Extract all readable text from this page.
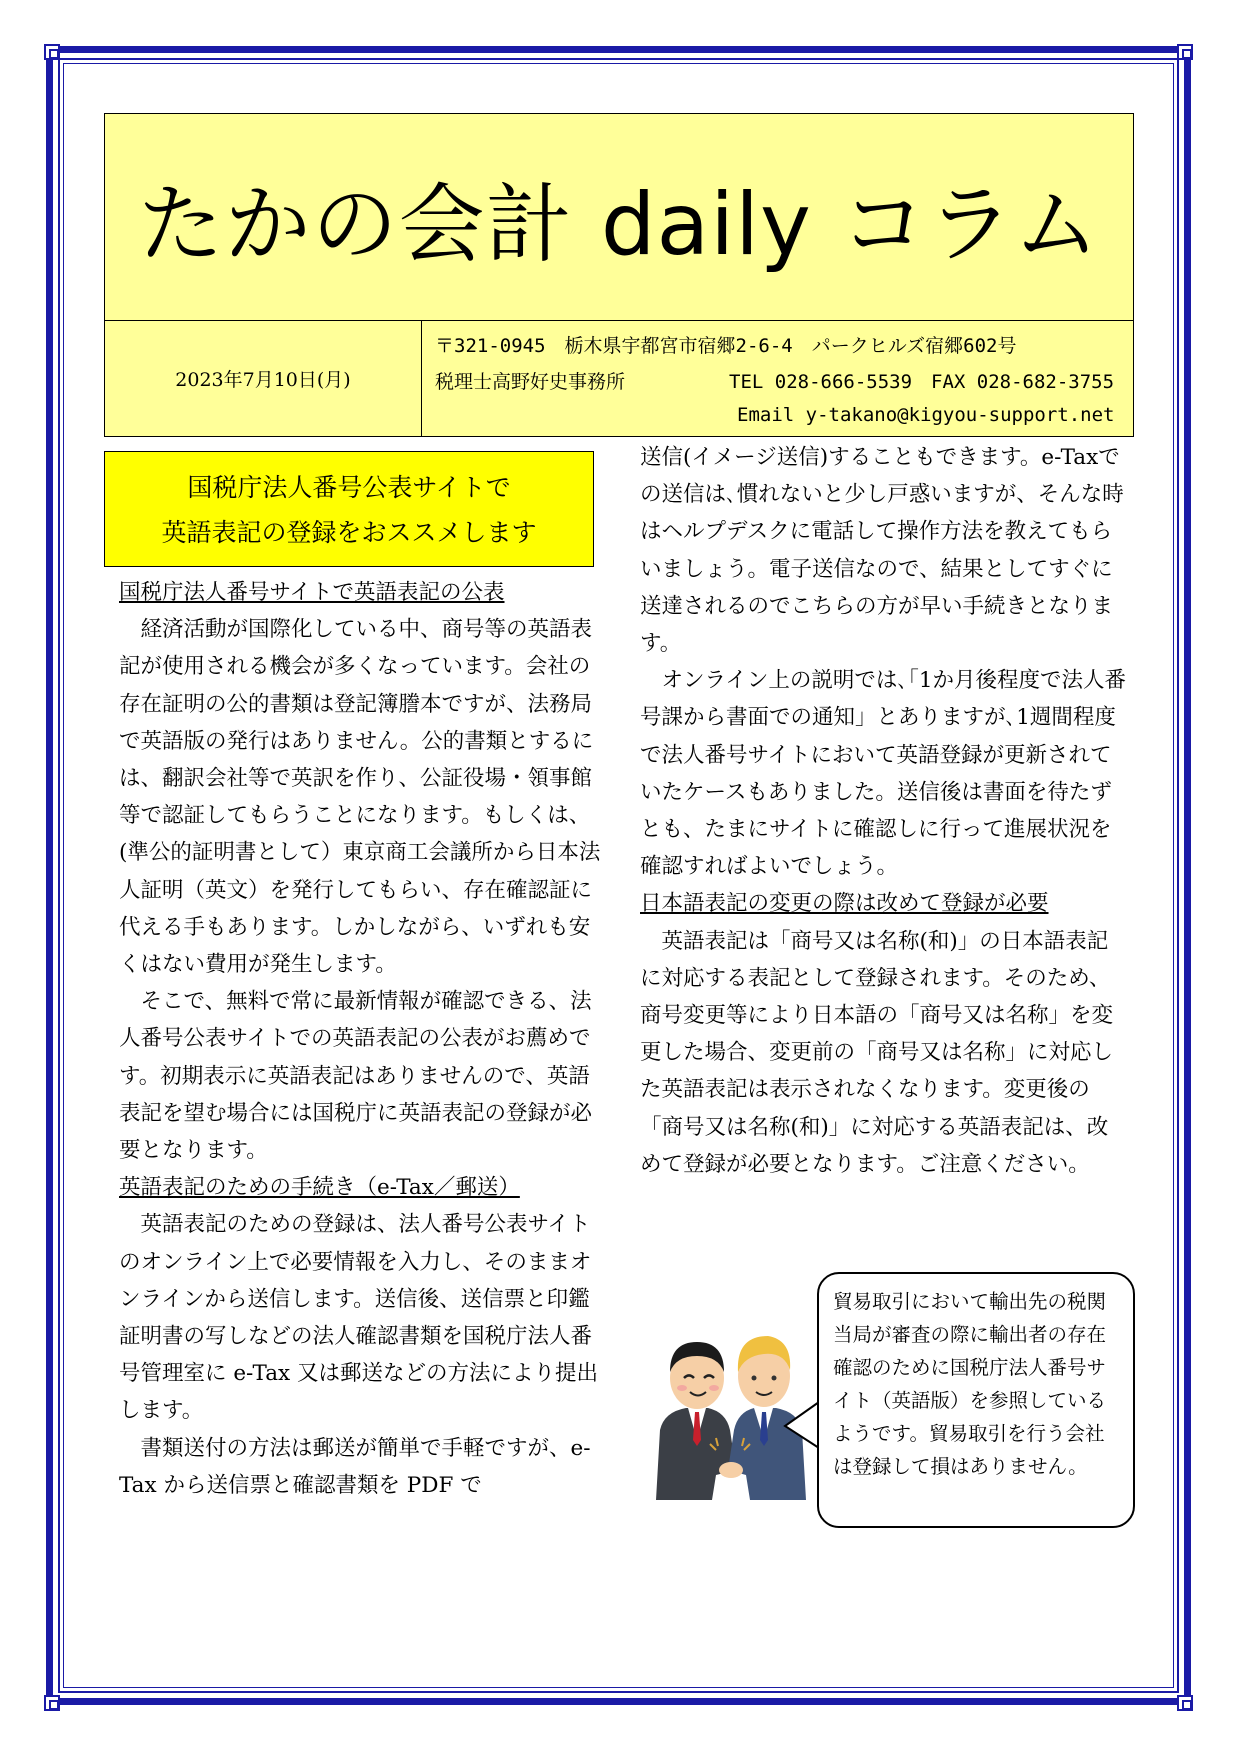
たかの会計 daily コラム
2023年7月10日(月)
〒321-0945　栃木県宇都宮市宿郷2-6-4　パークヒルズ宿郷602号
税理士高野好史事務所	TEL 028-666-5539　FAX 028-682-3755
Email y-takano@kigyou-support.net
国税庁法人番号公表サイトで
英語表記の登録をおススメします

国税庁法人番号サイトで英語表記の公表

経済活動が国際化している中、商号等の英語表記が使用される機会が多くなっています。会社の存在証明の公的書類は登記簿謄本ですが、法務局で英語版の発行はありません。公的書類とするには、翻訳会社等で英訳を作り、公証役場・領事館等で認証してもらうことになります。もしくは、(準公的証明書として）東京商工会議所から日本法人証明（英文）を発行してもらい、存在確認証に代える手もあります。しかしながら、いずれも安くはない費用が発生します。

そこで、無料で常に最新情報が確認できる、法人番号公表サイトでの英語表記の公表がお薦めです。初期表示に英語表記はありませんので、英語表記を望む場合には国税庁に英語表記の登録が必要となります。

英語表記のための手続き（e-Tax／郵送）

英語表記のための登録は、法人番号公表サイトのオンライン上で必要情報を入力し、そのままオンラインから送信します。送信後、送信票と印鑑証明書の写しなどの法人確認書類を国税庁法人番号管理室に e-Tax 又は郵送などの方法により提出します。

書類送付の方法は郵送が簡単で手軽ですが、e-Tax から送信票と確認書類を PDF で

送信(イメージ送信)することもできます。e-Taxでの送信は､慣れないと少し戸惑いますが、そんな時はヘルプデスクに電話して操作方法を教えてもらいましょう。電子送信なので、結果としてすぐに送達されるのでこちらの方が早い手続きとなります。

オンライン上の説明では､｢1か月後程度で法人番号課から書面での通知」とありますが､1週間程度で法人番号サイトにおいて英語登録が更新されていたケースもありました。送信後は書面を待たずとも、たまにサイトに確認しに行って進展状況を確認すればよいでしょう。

日本語表記の変更の際は改めて登録が必要

英語表記は「商号又は名称(和)」の日本語表記に対応する表記として登録されます。そのため、商号変更等により日本語の「商号又は名称」を変更した場合、変更前の「商号又は名称」に対応した英語表記は表示されなくなります。変更後の「商号又は名称(和)」に対応する英語表記は、改めて登録が必要となります。ご注意ください。

貿易取引において輸出先の税関当局が審査の際に輸出者の存在確認のために国税庁法人番号サイト（英語版）を参照しているようです。貿易取引を行う会社は登録して損はありません。
